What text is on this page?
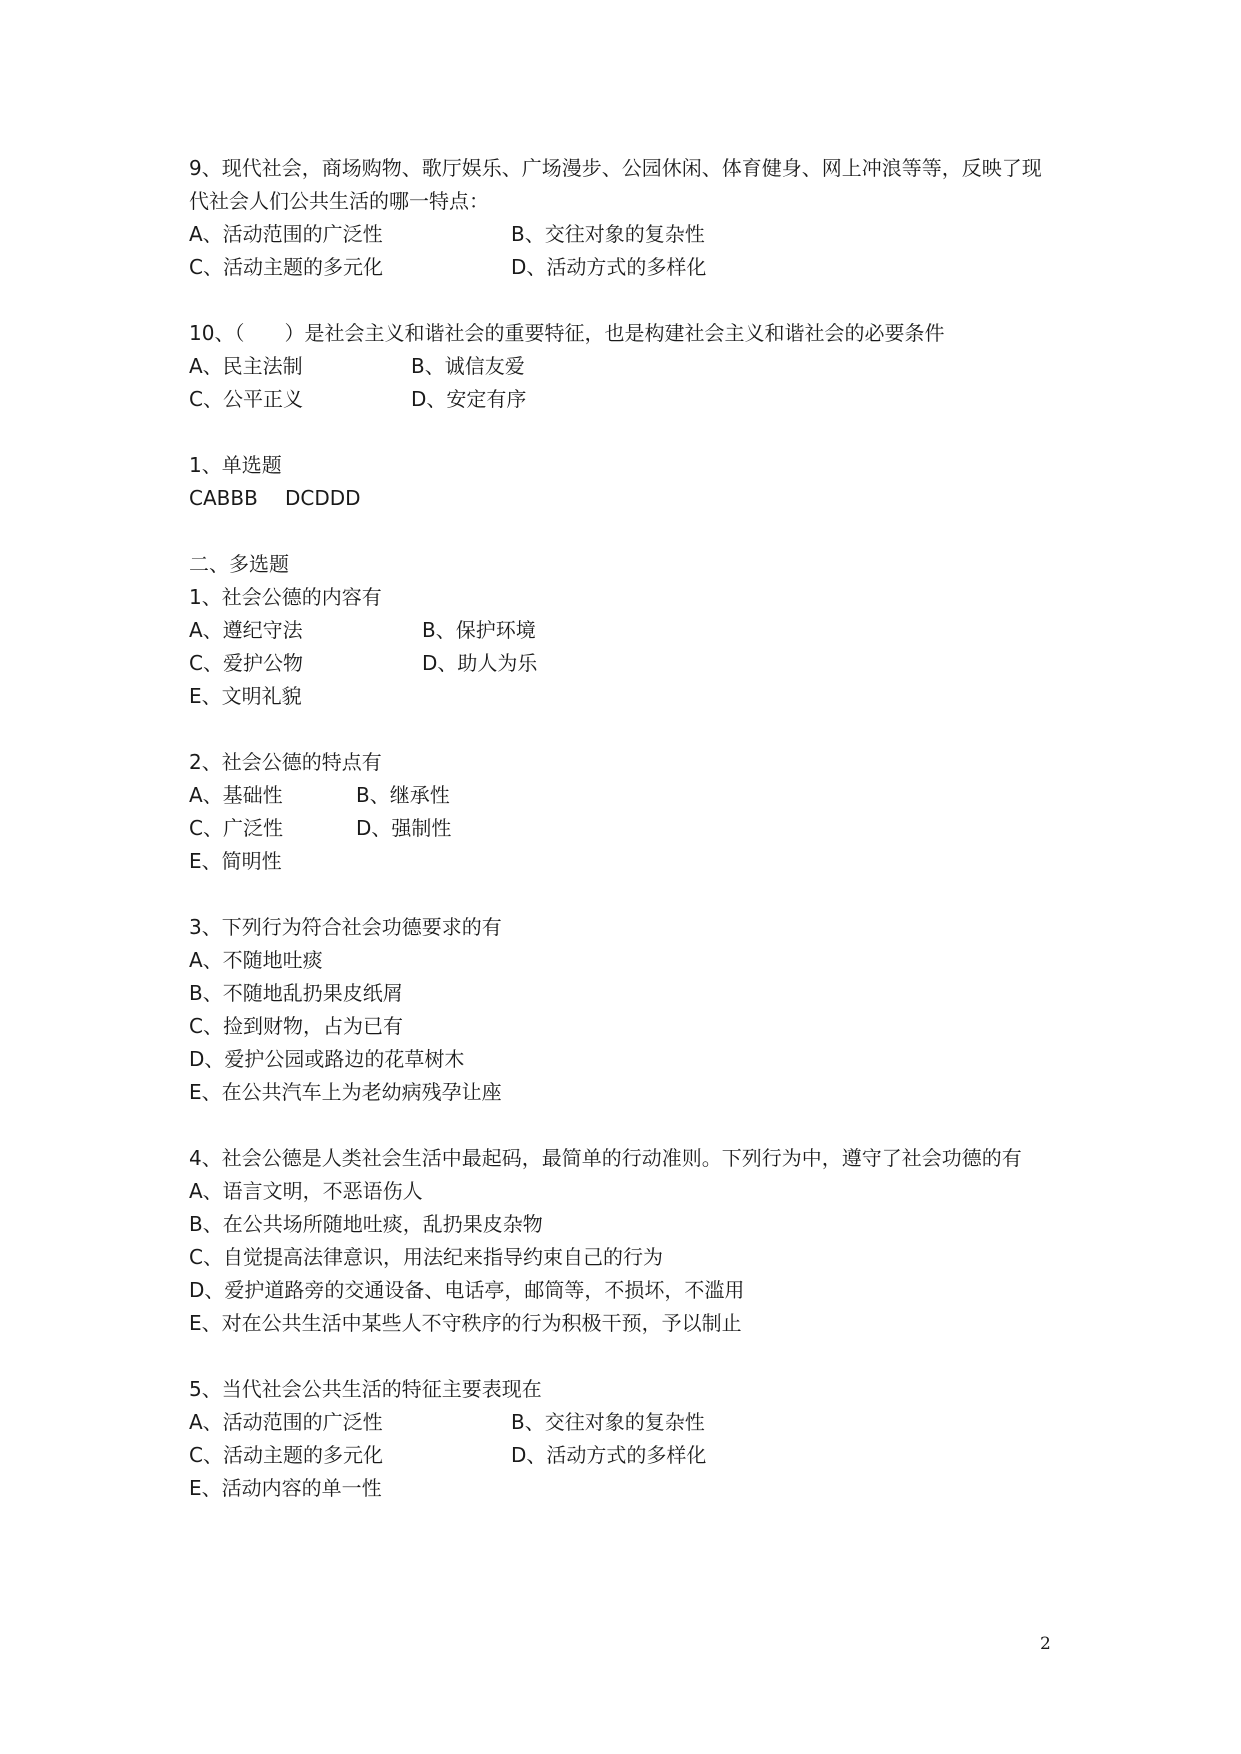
9、现代社会，商场购物、歌厅娱乐、广场漫步、公园休闲、体育健身、网上冲浪等等，反映了现代社会人们公共生活的哪一特点：
A、活动范围的广泛性	B、交往对象的复杂性
C、活动主题的多元化	D、活动方式的多样化
10、（　　）是社会主义和谐社会的重要特征，也是构建社会主义和谐社会的必要条件
A、民主法制	B、诚信友爱
C、公平正义	D、安定有序
1、单选题
CABBB	DCDDD
二、多选题
1、社会公德的内容有
A、遵纪守法	B、保护环境
C、爱护公物	D、助人为乐
E、文明礼貌
2、社会公德的特点有
A、基础性	B、继承性
C、广泛性	D、强制性
E、简明性
3、下列行为符合社会功德要求的有
A、不随地吐痰
B、不随地乱扔果皮纸屑
C、捡到财物，占为已有
D、爱护公园或路边的花草树木
E、在公共汽车上为老幼病残孕让座
4、社会公德是人类社会生活中最起码，最简单的行动准则。下列行为中，遵守了社会功德的有
A、语言文明，不恶语伤人
B、在公共场所随地吐痰，乱扔果皮杂物
C、自觉提高法律意识，用法纪来指导约束自己的行为
D、爱护道路旁的交通设备、电话亭，邮筒等，不损坏，不滥用
E、对在公共生活中某些人不守秩序的行为积极干预，予以制止
5、当代社会公共生活的特征主要表现在
A、活动范围的广泛性	B、交往对象的复杂性
C、活动主题的多元化	D、活动方式的多样化
E、活动内容的单一性
2
